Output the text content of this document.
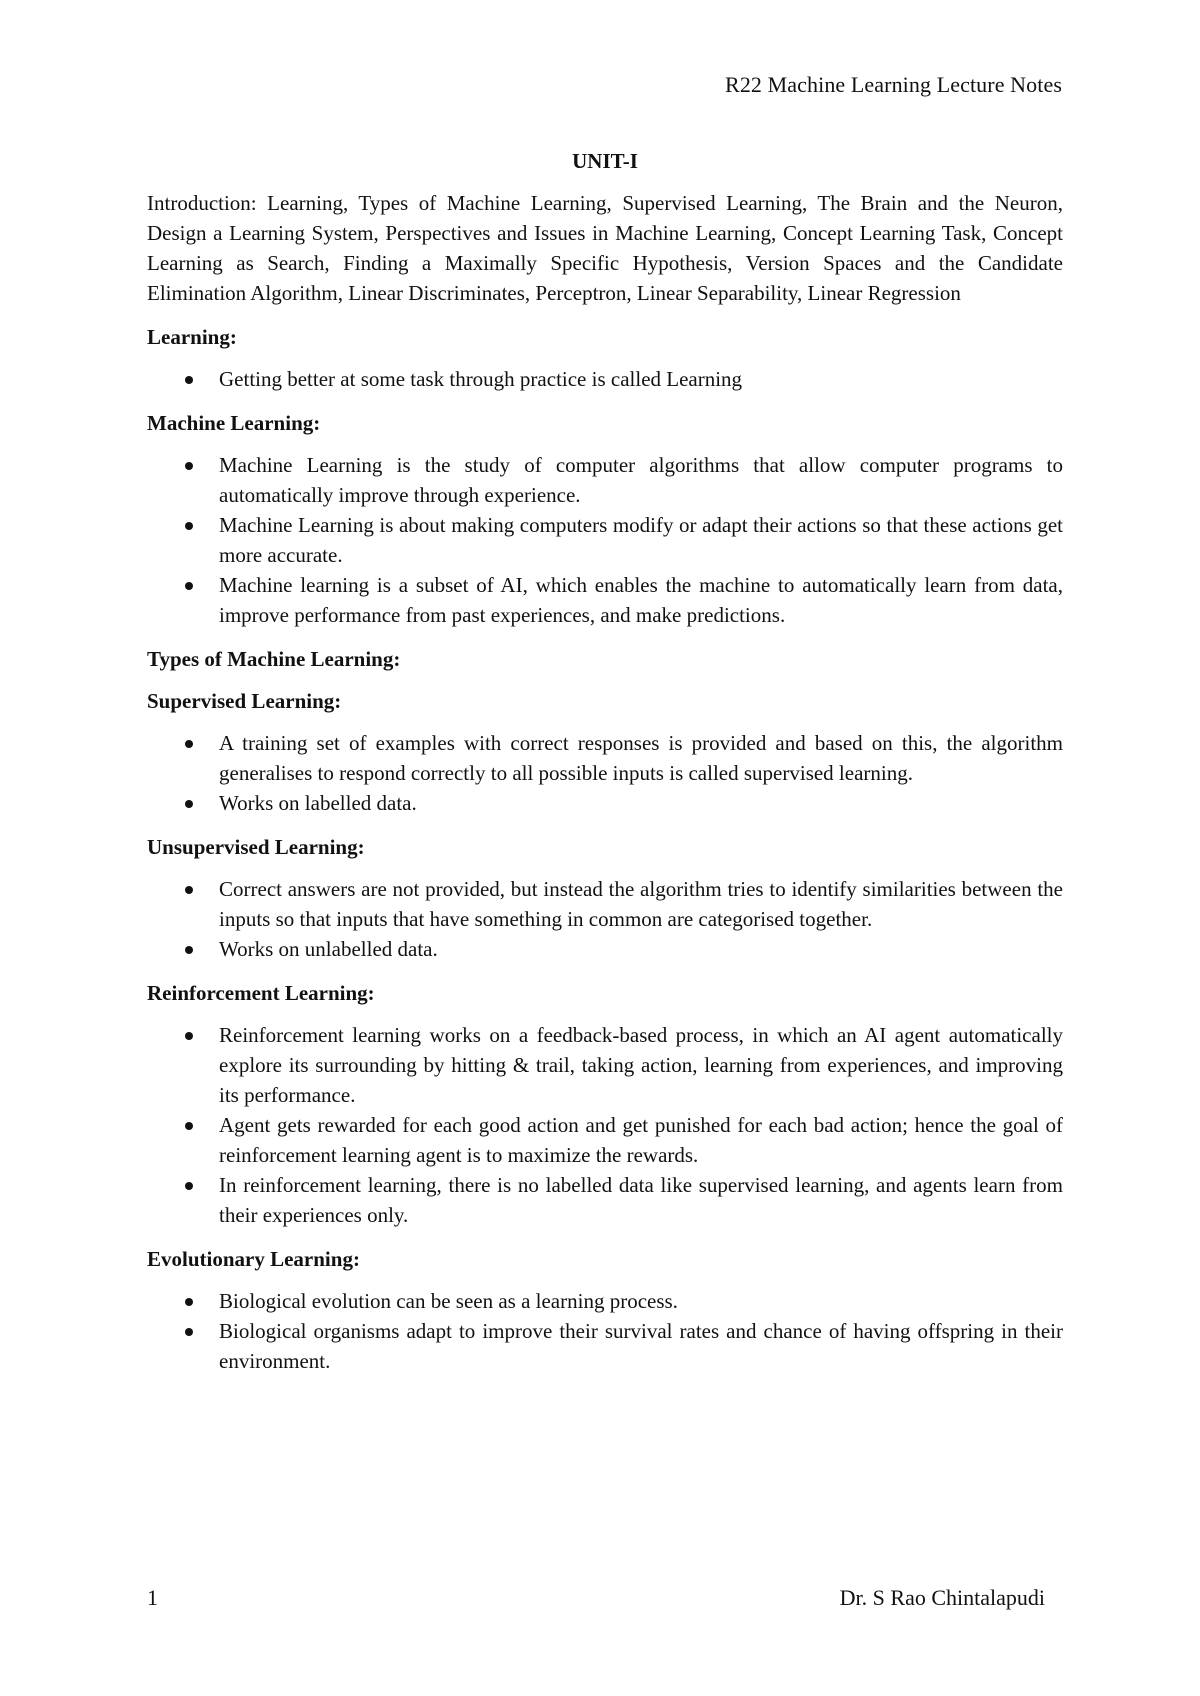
R22 Machine Learning Lecture Notes
UNIT-I

Introduction: Learning, Types of Machine Learning, Supervised Learning, The Brain and the Neuron, Design a Learning System, Perspectives and Issues in Machine Learning, Concept Learning Task, Concept Learning as Search, Finding a Maximally Specific Hypothesis, Version Spaces and the Candidate Elimination Algorithm, Linear Discriminates, Perceptron, Linear Separability, Linear Regression

Learning:
Getting better at some task through practice is called Learning
Machine Learning:
Machine Learning is the study of computer algorithms that allow computer programs to automatically improve through experience.
Machine Learning is about making computers modify or adapt their actions so that these actions get more accurate.
Machine learning is a subset of AI, which enables the machine to automatically learn from data, improve performance from past experiences, and make predictions.
Types of Machine Learning:
Supervised Learning:
A training set of examples with correct responses is provided and based on this, the algorithm generalises to respond correctly to all possible inputs is called supervised learning.
Works on labelled data.
Unsupervised Learning:
Correct answers are not provided, but instead the algorithm tries to identify similarities between the inputs so that inputs that have something in common are categorised together.
Works on unlabelled data.
Reinforcement Learning:
Reinforcement learning works on a feedback-based process, in which an AI agent automatically explore its surrounding by hitting & trail, taking action, learning from experiences, and improving its performance.
Agent gets rewarded for each good action and get punished for each bad action; hence the goal of reinforcement learning agent is to maximize the rewards.
In reinforcement learning, there is no labelled data like supervised learning, and agents learn from their experiences only.
Evolutionary Learning:
Biological evolution can be seen as a learning process.
Biological organisms adapt to improve their survival rates and chance of having offspring in their environment.
1	Dr. S Rao Chintalapudi
